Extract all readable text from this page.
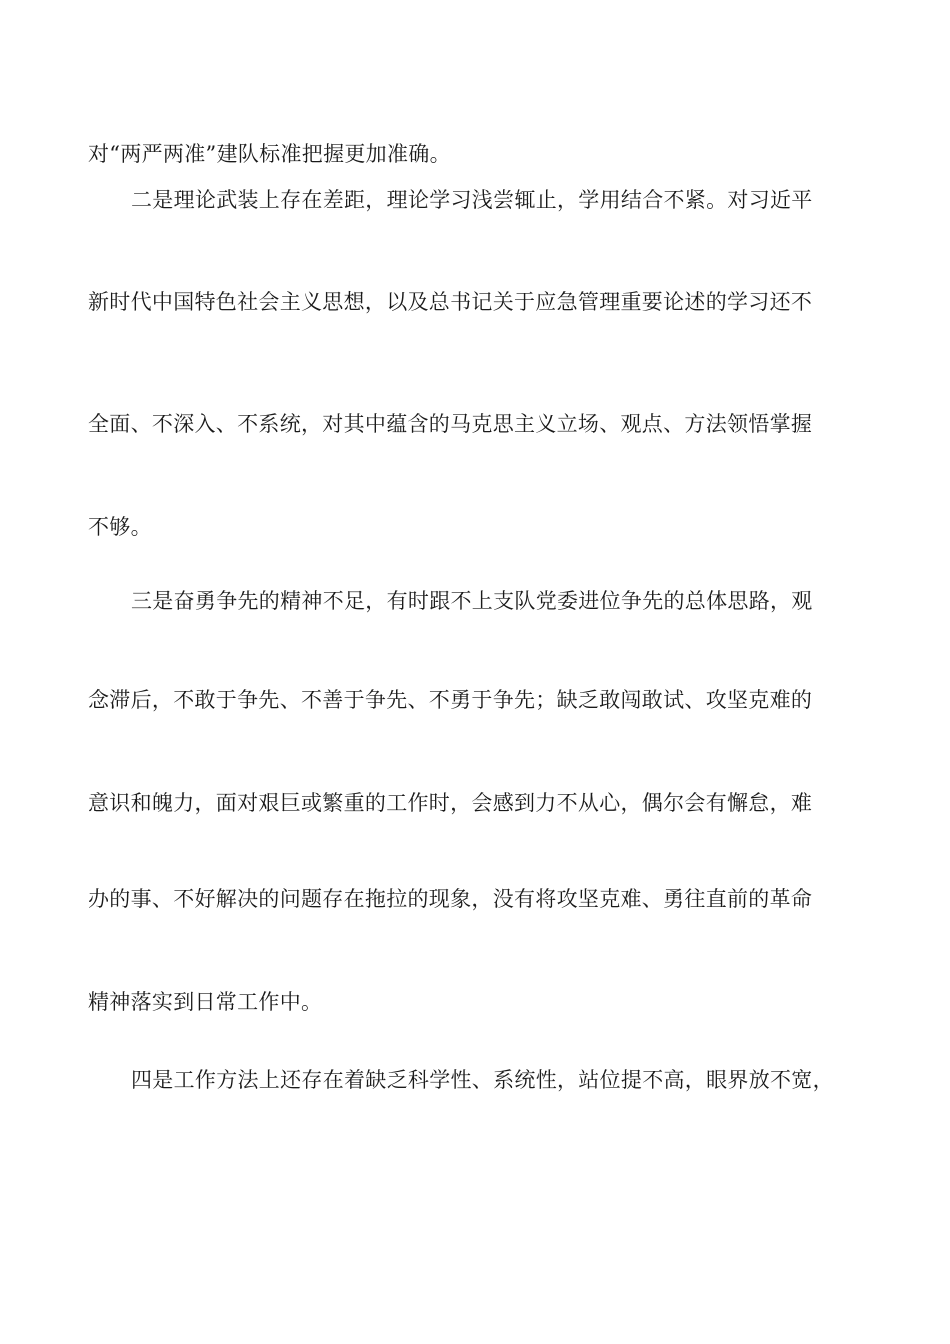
对“两严两准”建队标准把握更加准确。

二是理论武装上存在差距，理论学习浅尝辄止，学用结合不紧。对习近平

新时代中国特色社会主义思想，以及总书记关于应急管理重要论述的学习还不

全面、不深入、不系统，对其中蕴含的马克思主义立场、观点、方法领悟掌握

不够。

三是奋勇争先的精神不足，有时跟不上支队党委进位争先的总体思路，观

念滞后，不敢于争先、不善于争先、不勇于争先；缺乏敢闯敢试、攻坚克难的

意识和魄力，面对艰巨或繁重的工作时，会感到力不从心，偶尔会有懈怠，难

办的事、不好解决的问题存在拖拉的现象，没有将攻坚克难、勇往直前的革命

精神落实到日常工作中。

四是工作方法上还存在着缺乏科学性、系统性，站位提不高，眼界放不宽，
